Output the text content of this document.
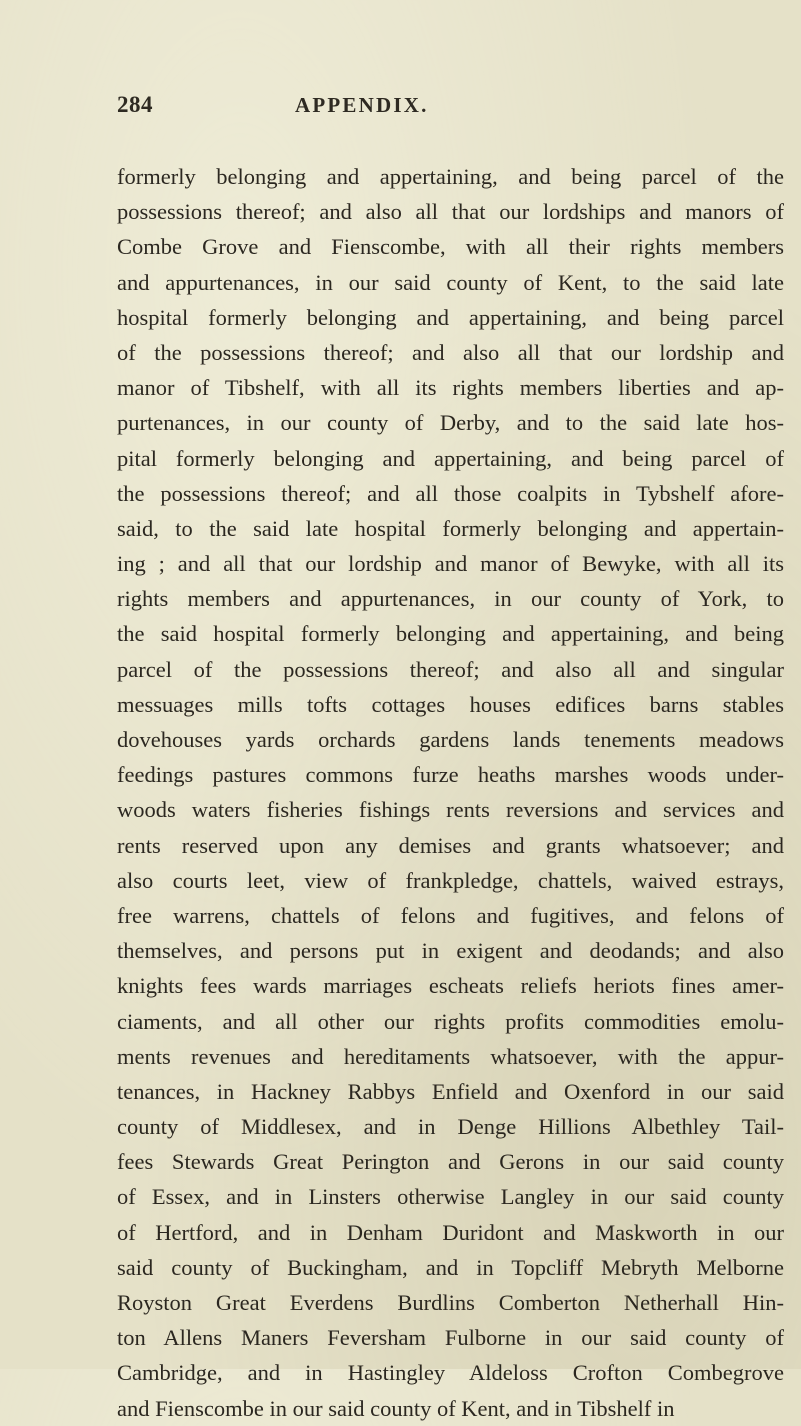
284	APPENDIX.
formerly belonging and appertaining, and being parcel of the
possessions thereof; and also all that our lordships and manors of
Combe Grove and Fienscombe, with all their rights members
and appurtenances, in our said county of Kent, to the said late
hospital formerly belonging and appertaining, and being parcel
of the possessions thereof; and also all that our lordship and
manor of Tibshelf, with all its rights members liberties and ap-
purtenances, in our county of Derby, and to the said late hos-
pital formerly belonging and appertaining, and being parcel of
the possessions thereof; and all those coalpits in Tybshelf afore-
said, to the said late hospital formerly belonging and appertain-
ing ; and all that our lordship and manor of Bewyke, with all its
rights members and appurtenances, in our county of York, to
the said hospital formerly belonging and appertaining, and being
parcel of the possessions thereof; and also all and singular
messuages mills tofts cottages houses edifices barns stables
dovehouses yards orchards gardens lands tenements meadows
feedings pastures commons furze heaths marshes woods under-
woods waters fisheries fishings rents reversions and services and
rents reserved upon any demises and grants whatsoever; and
also courts leet, view of frankpledge, chattels, waived estrays,
free warrens, chattels of felons and fugitives, and felons of
themselves, and persons put in exigent and deodands; and also
knights fees wards marriages escheats reliefs heriots fines amer-
ciaments, and all other our rights profits commodities emolu-
ments revenues and hereditaments whatsoever, with the appur-
tenances, in Hackney Rabbys Enfield and Oxenford in our said
county of Middlesex, and in Denge Hillions Albethley Tail-
fees Stewards Great Perington and Gerons in our said county
of Essex, and in Linsters otherwise Langley in our said county
of Hertford, and in Denham Duridont and Maskworth in our
said county of Buckingham, and in Topcliff Mebryth Melborne
Royston Great Everdens Burdlins Comberton Netherhall Hin-
ton Allens Maners Feversham Fulborne in our said county of
Cambridge, and in Hastingley Aldeloss Crofton Combegrove
and Fienscombe in our said county of Kent, and in Tibshelf in
